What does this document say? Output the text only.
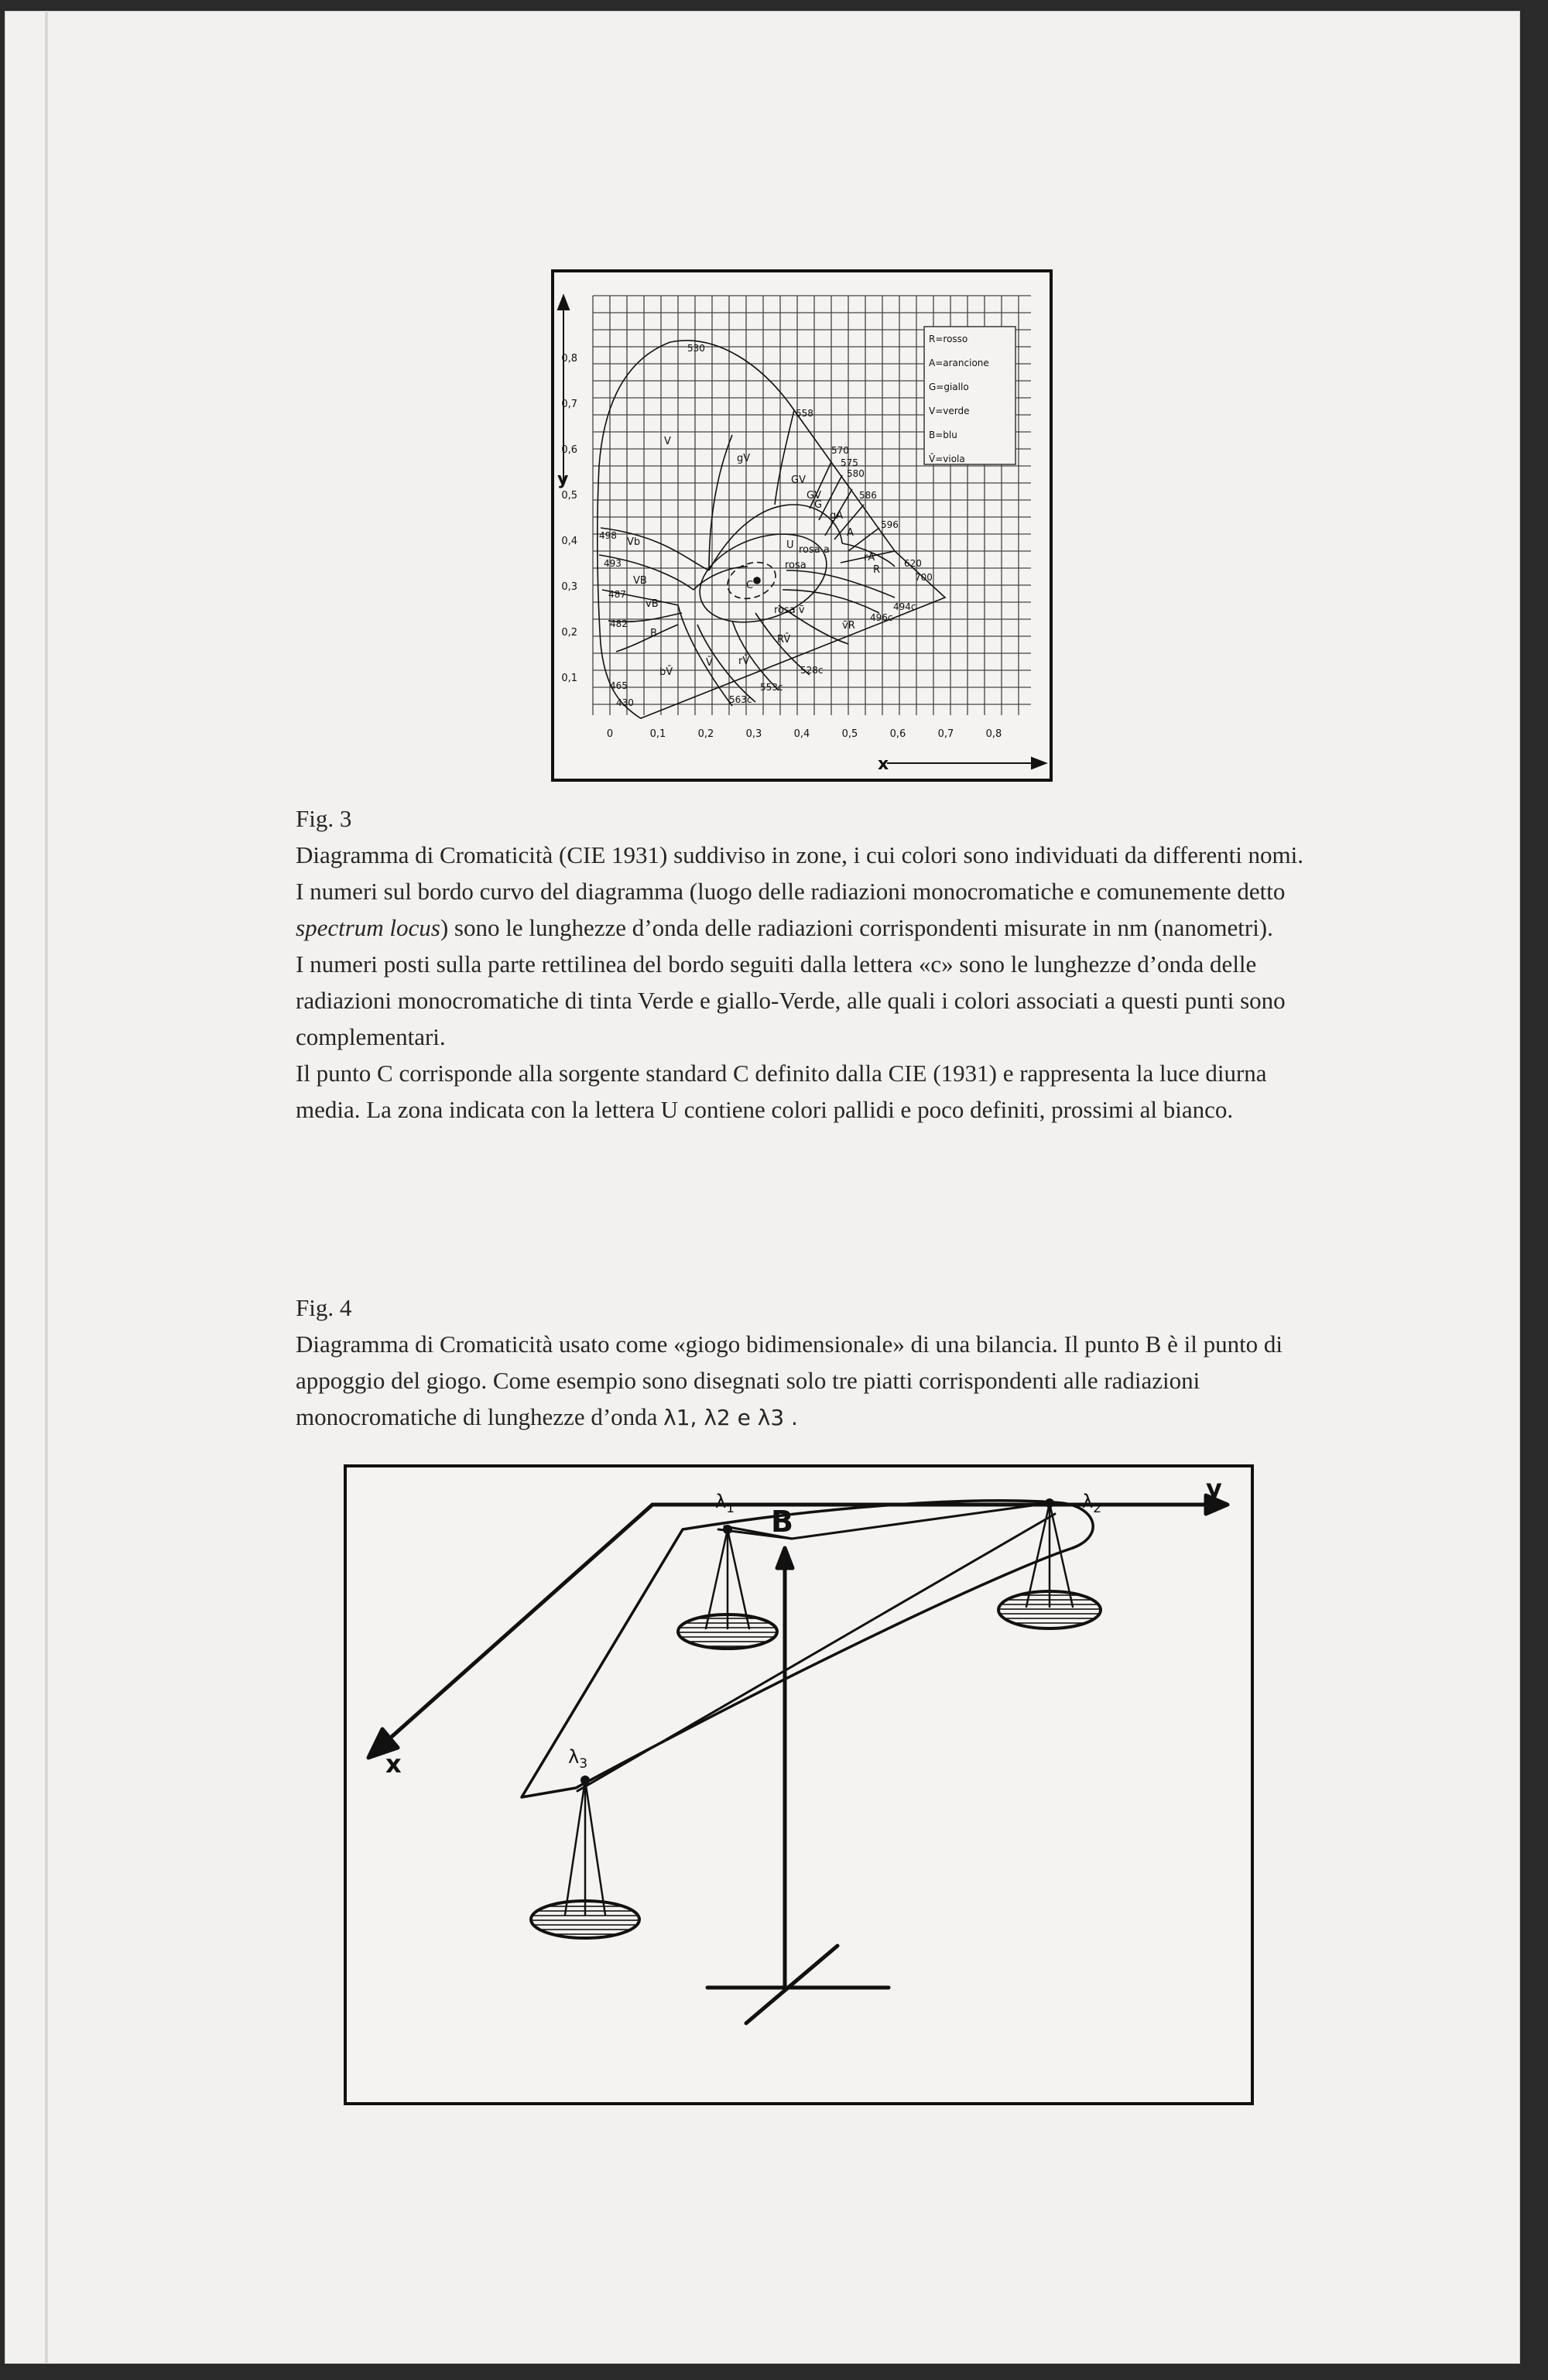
0	0,1	0,2	0,3	0,4	0,5	0,6	0,7	0,8
0,1
0,2
0,3
0,4
0,5
0,6
0,7
0,8
R=rosso
A=arancione
G=giallo
V=verde
B=blu
V̄=viola
530
558
570
575
580
586
596
620
700
498
493
487
482
465
430
494c
496c
528c
553c
563c
V
gV
GV
GV
G
gA
A
rA
R
U
C
Vb
VB
vB
B
bV̄
V̄	rV̄
RV̄
v̄R
rosa
rosa a
rosa v̄
y
x

Fig. 3

Diagramma di Cromaticità (CIE 1931) suddiviso in zone, i cui colori sono individuati da differenti nomi.

I numeri sul bordo curvo del diagramma (luogo delle radiazioni monocromatiche e comunemente detto spectrum locus) sono le lunghezze d’onda delle radiazioni corrispondenti misurate in nm (nanometri).

I numeri posti sulla parte rettilinea del bordo seguiti dalla lettera «c» sono le lunghezze d’onda delle radiazioni monocromatiche di tinta Verde e giallo-Verde, alle quali i colori associati a questi punti sono complementari.

Il punto C corrisponde alla sorgente standard C definito dalla CIE (1931) e rappresenta la luce diurna media. La zona indicata con la lettera U contiene colori pallidi e poco definiti, prossimi al bianco.

Fig. 4

Diagramma di Cromaticità usato come «giogo bidimensionale» di una bilancia. Il punto B è il punto di appoggio del giogo. Come esempio sono disegnati solo tre piatti corrispondenti alle radiazioni monocromatiche di lunghezze d’onda λ1, λ2 e λ3 .

y
x
B
$\lambda_1$	$\lambda_2$
$\lambda_3$
